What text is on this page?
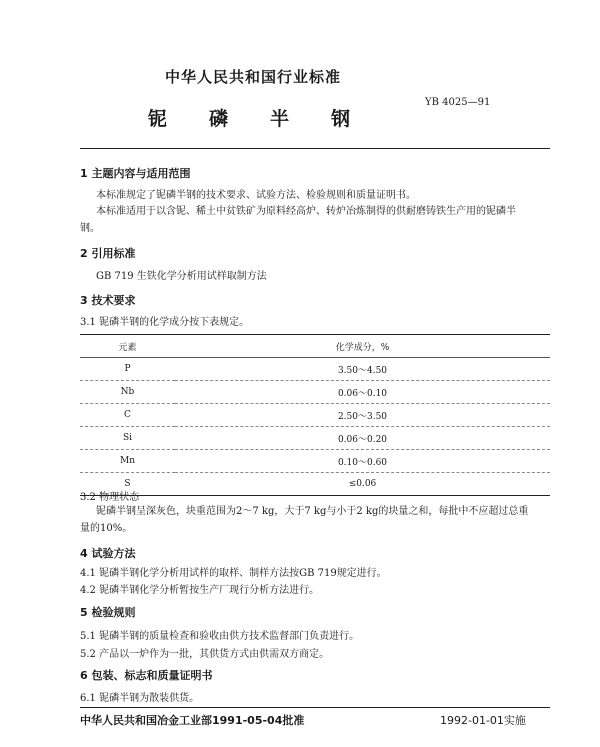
中华人民共和国行业标准
铌磷半钢
YB 4025—91
1 主题内容与适用范围
本标准规定了铌磷半钢的技术要求、试验方法、检验规则和质量证明书。
本标准适用于以含铌、稀土中贫铁矿为原料经高炉、转炉冶炼制得的供耐磨铸铁生产用的铌磷半钢。
2 引用标准
GB 719 生铁化学分析用试样取制方法
3 技术要求
3.1 铌磷半钢的化学成分按下表规定。
元素	化学成分，%
P	3.50～4.50
Nb	0.06～0.10
C	2.50～3.50
Si	0.06～0.20
Mn	0.10～0.60
S	≤0.06
3.2 物理状态
铌磷半钢呈深灰色，块重范围为2～7 kg，大于7 kg与小于2 kg的块量之和，每批中不应超过总重量的10%。
4 试验方法
4.1 铌磷半钢化学分析用试样的取样、制样方法按GB 719规定进行。
4.2 铌磷半钢化学分析暂按生产厂现行分析方法进行。
5 检验规则
5.1 铌磷半钢的质量检查和验收由供方技术监督部门负责进行。
5.2 产品以一炉作为一批，其供货方式由供需双方商定。
6 包装、标志和质量证明书
6.1 铌磷半钢为散装供货。
中华人民共和国冶金工业部1991-05-04批准	1992-01-01实施
